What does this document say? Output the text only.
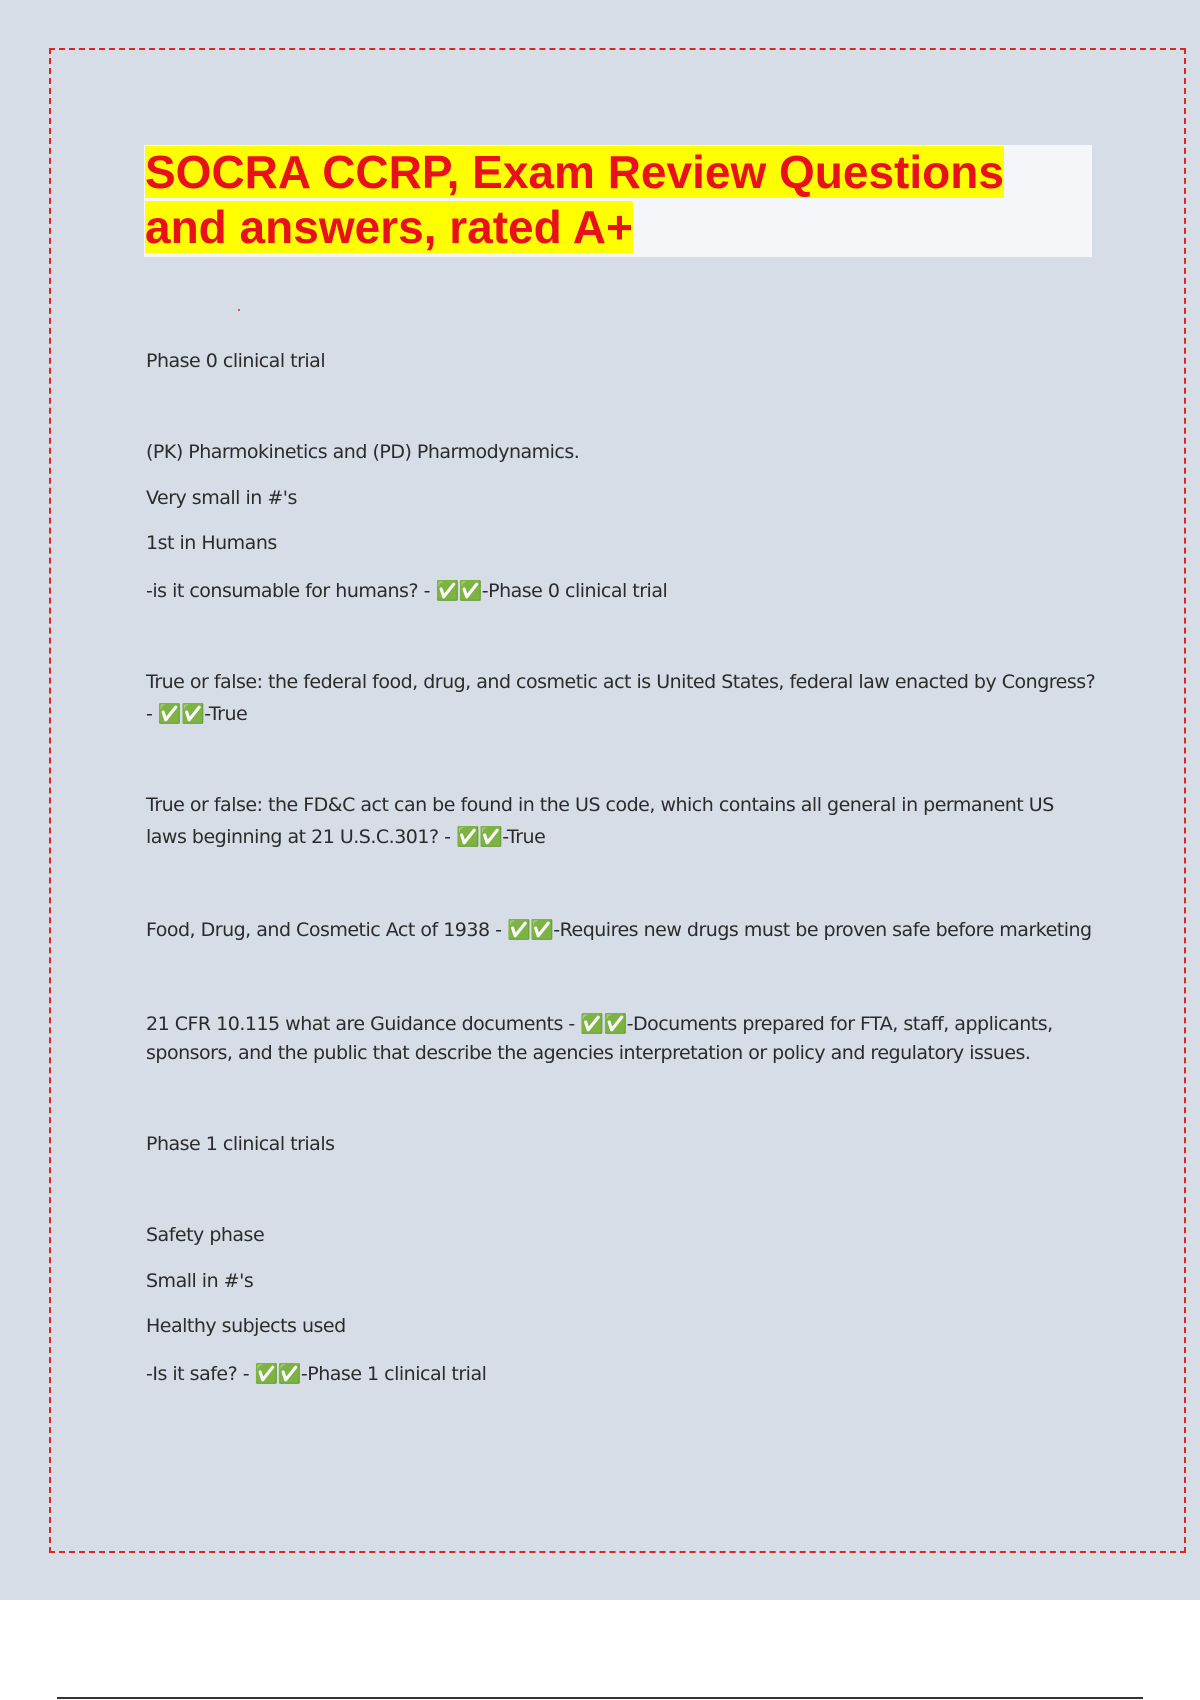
SOCRA CCRP, Exam Review Questions
and answers, rated A+

Phase 0 clinical trial

(PK) Pharmokinetics and (PD) Pharmodynamics.

Very small in #'s

1st in Humans

-is it consumable for humans? - ✅✅-Phase 0 clinical trial

True or false: the federal food, drug, and cosmetic act is United States, federal law enacted by Congress?

- ✅✅-True

True or false: the FD&C act can be found in the US code, which contains all general in permanent US

laws beginning at 21 U.S.C.301? - ✅✅-True

Food, Drug, and Cosmetic Act of 1938 - ✅✅-Requires new drugs must be proven safe before marketing

21 CFR 10.115 what are Guidance documents - ✅✅-Documents prepared for FTA, staff, applicants,

sponsors, and the public that describe the agencies interpretation or policy and regulatory issues.

Phase 1 clinical trials

Safety phase

Small in #'s

Healthy subjects used

-Is it safe? - ✅✅-Phase 1 clinical trial
